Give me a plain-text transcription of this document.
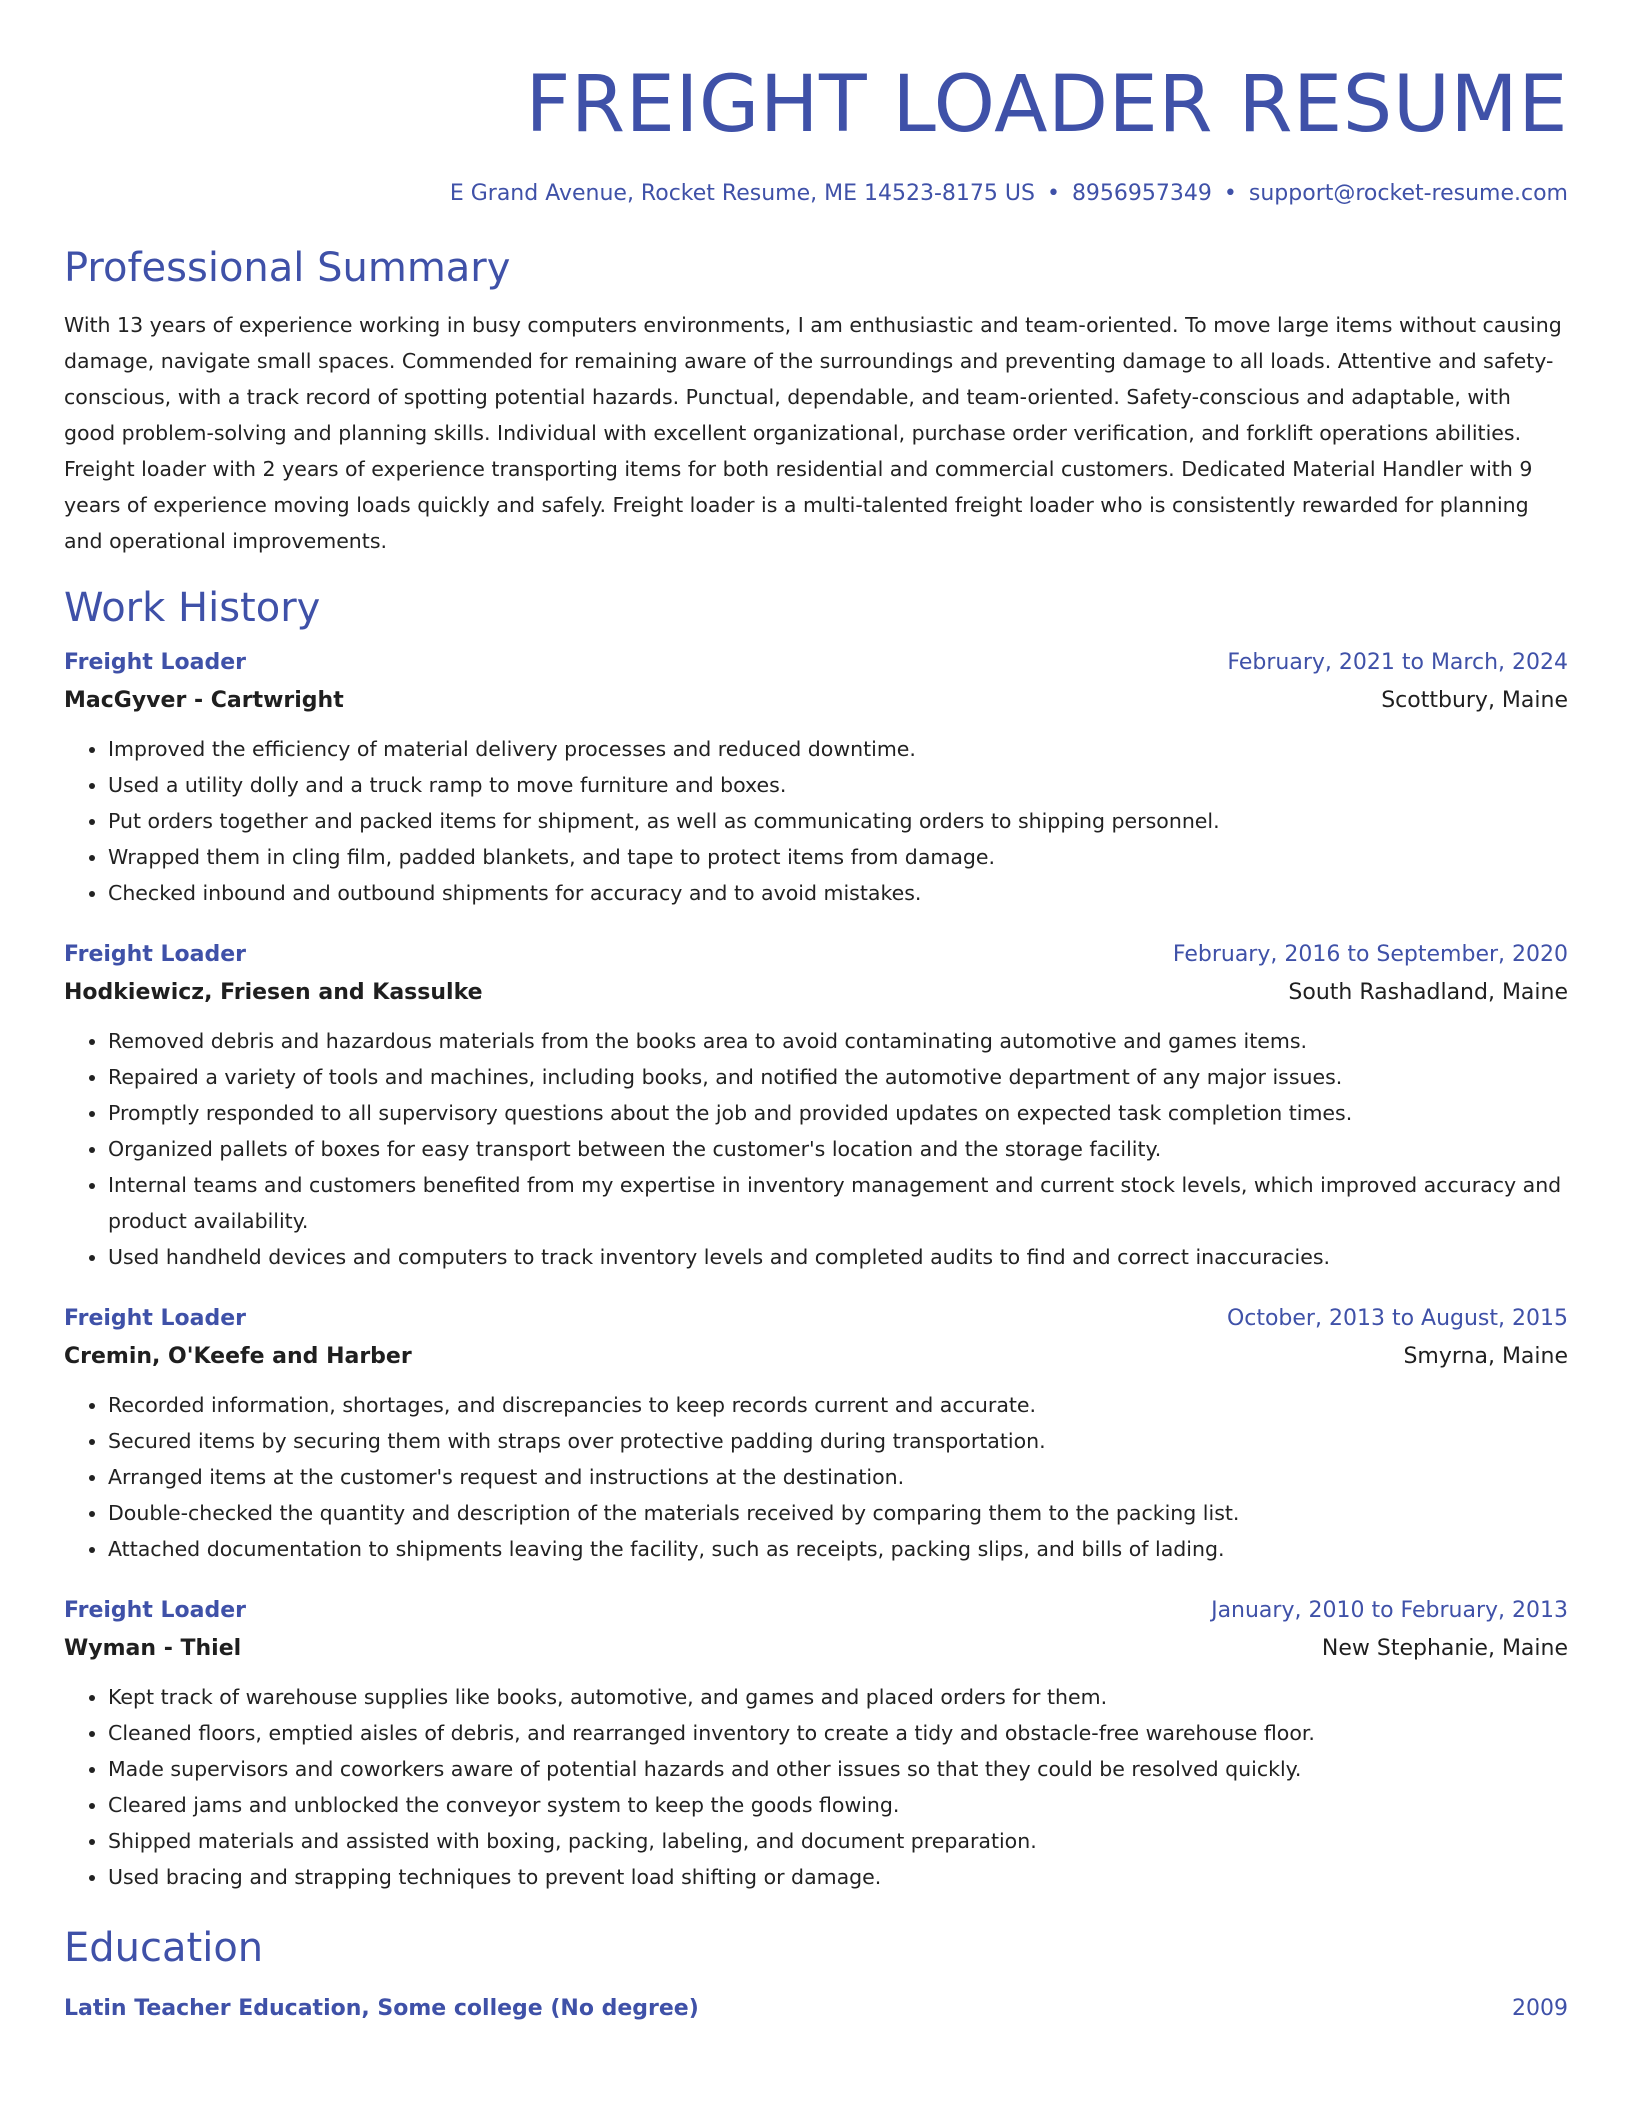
FREIGHT LOADER RESUME
E Grand Avenue, Rocket Resume, ME 14523-8175 US • 8956957349 • support@rocket-resume.com
Professional Summary
With 13 years of experience working in busy computers environments, I am enthusiastic and team-oriented. To move large items without causing damage, navigate small spaces. Commended for remaining aware of the surroundings and preventing damage to all loads. Attentive and safety-conscious, with a track record of spotting potential hazards. Punctual, dependable, and team-oriented. Safety-conscious and adaptable, with good problem-solving and planning skills. Individual with excellent organizational, purchase order verification, and forklift operations abilities. Freight loader with 2 years of experience transporting items for both residential and commercial customers. Dedicated Material Handler with 9 years of experience moving loads quickly and safely. Freight loader is a multi-talented freight loader who is consistently rewarded for planning and operational improvements.
Work History
Freight Loader	February, 2021 to March, 2024
MacGyver - Cartwright	Scottbury, Maine
• Improved the efficiency of material delivery processes and reduced downtime.
• Used a utility dolly and a truck ramp to move furniture and boxes.
• Put orders together and packed items for shipment, as well as communicating orders to shipping personnel.
• Wrapped them in cling film, padded blankets, and tape to protect items from damage.
• Checked inbound and outbound shipments for accuracy and to avoid mistakes.
Freight Loader	February, 2016 to September, 2020
Hodkiewicz, Friesen and Kassulke	South Rashadland, Maine
• Removed debris and hazardous materials from the books area to avoid contaminating automotive and games items.
• Repaired a variety of tools and machines, including books, and notified the automotive department of any major issues.
• Promptly responded to all supervisory questions about the job and provided updates on expected task completion times.
• Organized pallets of boxes for easy transport between the customer's location and the storage facility.
• Internal teams and customers benefited from my expertise in inventory management and current stock levels, which improved accuracy and product availability.
• Used handheld devices and computers to track inventory levels and completed audits to find and correct inaccuracies.
Freight Loader	October, 2013 to August, 2015
Cremin, O'Keefe and Harber	Smyrna, Maine
• Recorded information, shortages, and discrepancies to keep records current and accurate.
• Secured items by securing them with straps over protective padding during transportation.
• Arranged items at the customer's request and instructions at the destination.
• Double-checked the quantity and description of the materials received by comparing them to the packing list.
• Attached documentation to shipments leaving the facility, such as receipts, packing slips, and bills of lading.
Freight Loader	January, 2010 to February, 2013
Wyman - Thiel	New Stephanie, Maine
• Kept track of warehouse supplies like books, automotive, and games and placed orders for them.
• Cleaned floors, emptied aisles of debris, and rearranged inventory to create a tidy and obstacle-free warehouse floor.
• Made supervisors and coworkers aware of potential hazards and other issues so that they could be resolved quickly.
• Cleared jams and unblocked the conveyor system to keep the goods flowing.
• Shipped materials and assisted with boxing, packing, labeling, and document preparation.
• Used bracing and strapping techniques to prevent load shifting or damage.
Education
Latin Teacher Education, Some college (No degree)	2009
